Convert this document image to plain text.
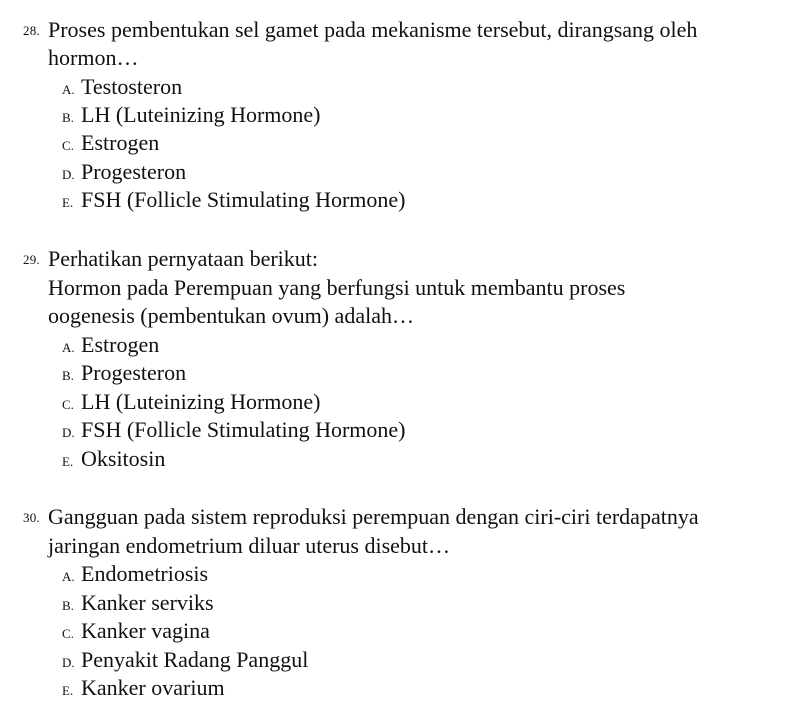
28. Proses pembentukan sel gamet pada mekanisme tersebut, dirangsang oleh
hormon…
A. Testosteron
B. LH (Luteinizing Hormone)
C. Estrogen
D. Progesteron
E. FSH (Follicle Stimulating Hormone)
29. Perhatikan pernyataan berikut:
Hormon pada Perempuan yang berfungsi untuk membantu proses
oogenesis (pembentukan ovum) adalah…
A. Estrogen
B. Progesteron
C. LH (Luteinizing Hormone)
D. FSH (Follicle Stimulating Hormone)
E. Oksitosin
30. Gangguan pada sistem reproduksi perempuan dengan ciri-ciri terdapatnya
jaringan endometrium diluar uterus disebut…
A. Endometriosis
B. Kanker serviks
C. Kanker vagina
D. Penyakit Radang Panggul
E. Kanker ovarium
